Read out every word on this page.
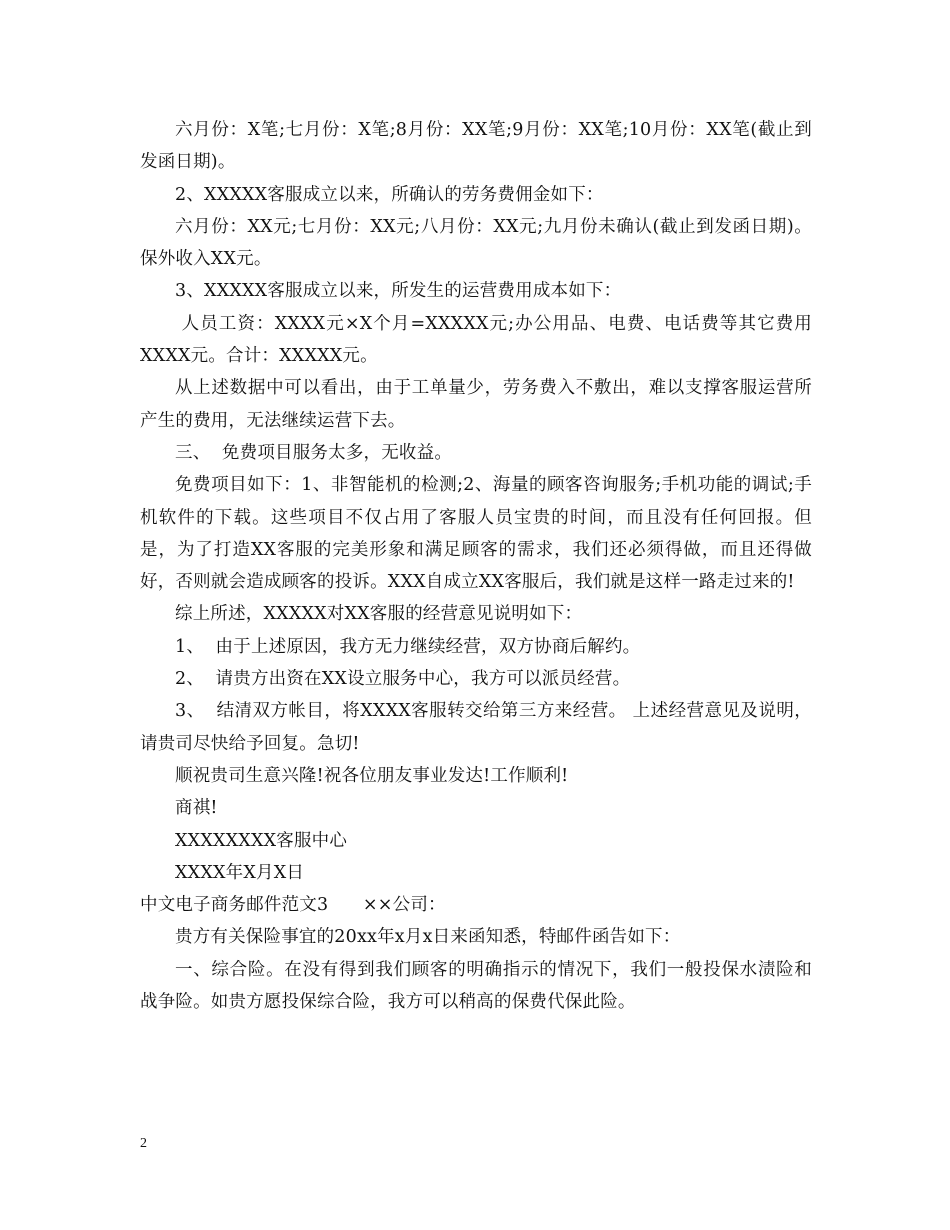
六月份：X笔;七月份：X笔;8月份：XX笔;9月份：XX笔;10月份：XX笔(截止到发函日期)。

2、XXXXX客服成立以来，所确认的劳务费佣金如下：

六月份：XX元;七月份：XX元;八月份：XX元;九月份未确认(截止到发函日期)。保外收入XX元。

3、XXXXX客服成立以来，所发生的运营费用成本如下：

人员工资：XXXX元×X个月=XXXXX元;办公用品、电费、电话费等其它费用XXXX元。合计：XXXXX元。

从上述数据中可以看出，由于工单量少，劳务费入不敷出，难以支撑客服运营所产生的费用，无法继续运营下去。

三、  免费项目服务太多，无收益。

免费项目如下：1、非智能机的检测;2、海量的顾客咨询服务;手机功能的调试;手机软件的下载。这些项目不仅占用了客服人员宝贵的时间，而且没有任何回报。但是，为了打造XX客服的完美形象和满足顾客的需求，我们还必须得做，而且还得做好，否则就会造成顾客的投诉。XXX自成立XX客服后，我们就是这样一路走过来的!

综上所述，XXXXX对XX客服的经营意见说明如下：

1、  由于上述原因，我方无力继续经营，双方协商后解约。

2、  请贵方出资在XX设立服务中心，我方可以派员经营。

3、  结清双方帐目，将XXXX客服转交给第三方来经营。 上述经营意见及说明，请贵司尽快给予回复。急切!

顺祝贵司生意兴隆!祝各位朋友事业发达!工作顺利!

商祺!

XXXXXXXX客服中心

XXXX年X月X日

中文电子商务邮件范文3      ××公司：

贵方有关保险事宜的20xx年x月x日来函知悉，特邮件函告如下：

一、综合险。在没有得到我们顾客的明确指示的情况下，我们一般投保水渍险和战争险。如贵方愿投保综合险，我方可以稍高的保费代保此险。

2
